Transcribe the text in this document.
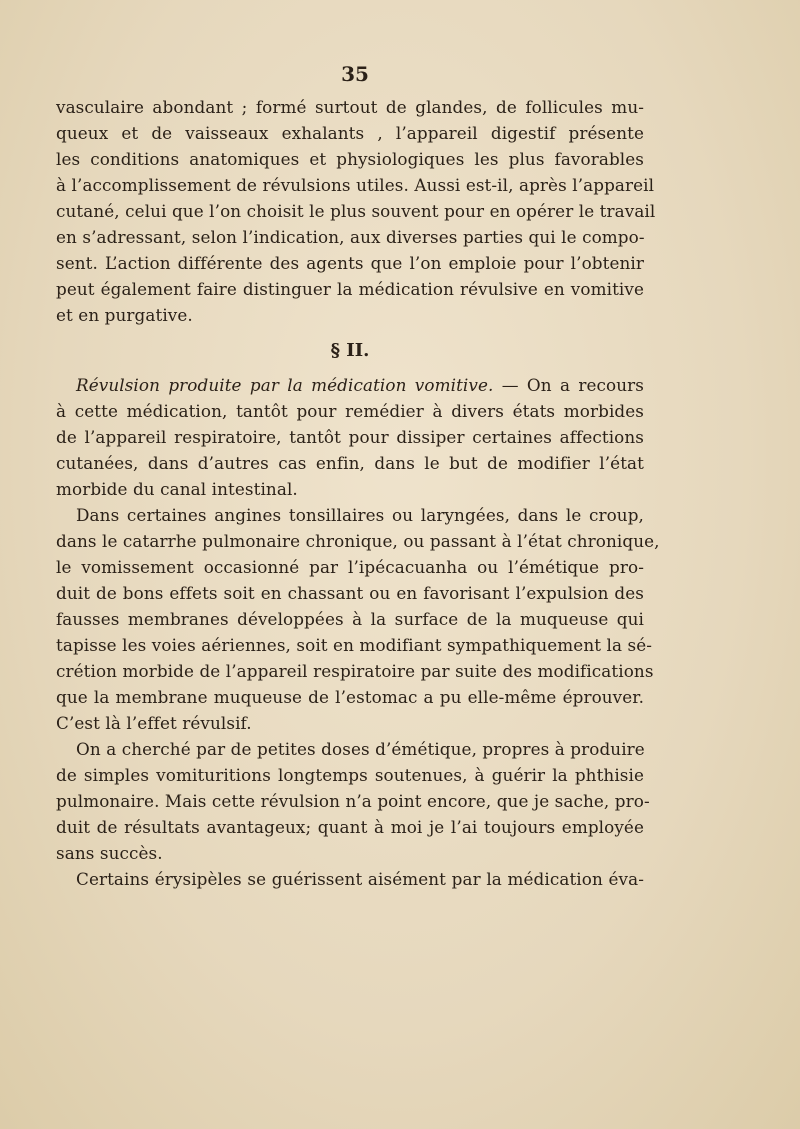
35

vasculaire abondant ; formé surtout de glandes, de follicules mu-
queux et de vaisseaux exhalants , l’appareil digestif présente
les conditions anatomiques et physiologiques les plus favorables
à l’accomplissement de révulsions utiles. Aussi est-il, après l’appareil
cutané, celui que l’on choisit le plus souvent pour en opérer le travail
en s’adressant, selon l’indication, aux diverses parties qui le compo-
sent. L’action différente des agents que l’on emploie pour l’obtenir
peut également faire distinguer la médication révulsive en vomitive
et en purgative.

§ II.

Révulsion produite par la médication vomitive. — On a recours
à cette médication, tantôt pour remédier à divers états morbides
de l’appareil respiratoire, tantôt pour dissiper certaines affections
cutanées, dans d’autres cas enfin, dans le but de modifier l’état
morbide du canal intestinal.

Dans certaines angines tonsillaires ou laryngées, dans le croup,
dans le catarrhe pulmonaire chronique, ou passant à l’état chronique,
le vomissement occasionné par l’ipécacuanha ou l’émétique pro-
duit de bons effets soit en chassant ou en favorisant l’expulsion des
fausses membranes développées à la surface de la muqueuse qui
tapisse les voies aériennes, soit en modifiant sympathiquement la sé-
crétion morbide de l’appareil respiratoire par suite des modifications
que la membrane muqueuse de l’estomac a pu elle-même éprouver.
C’est là l’effet révulsif.

On a cherché par de petites doses d’émétique, propres à produire
de simples vomituritions longtemps soutenues, à guérir la phthisie
pulmonaire. Mais cette révulsion n’a point encore, que je sache, pro-
duit de résultats avantageux; quant à moi je l’ai toujours employée
sans succès.

Certains érysipèles se guérissent aisément par la médication éva-
